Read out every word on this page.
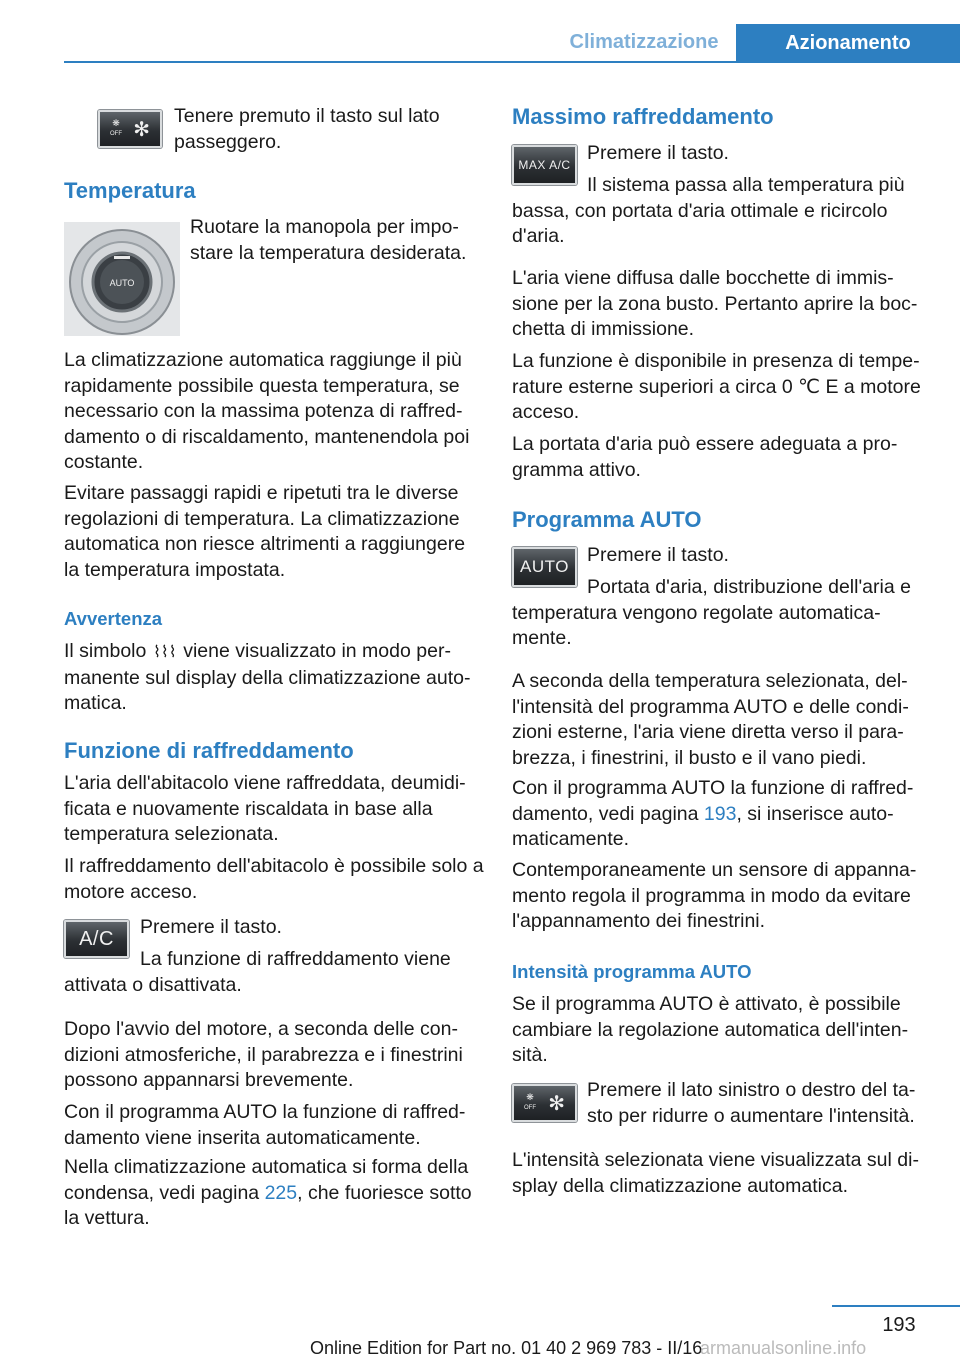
Climatizzazione	Azionamento
❋
OFF ✻

Tenere premuto il tasto sul lato passeggero.

Temperatura
AUTO

Ruotare la manopola per impostare la temperatura desiderata.

La climatizzazione automatica raggiunge il più rapidamente possibile questa temperatura, se necessario con la massima potenza di raffreddamento o di riscaldamento, mantenendola poi costante.

Evitare passaggi rapidi e ripetuti tra le diverse regolazioni di temperatura. La climatizzazione automatica non riesce altrimenti a raggiungere la temperatura impostata.

Avvertenza

Il simbolo ⌇⌇⌇ viene visualizzato in modo permanente sul display della climatizzazione automatica.

Funzione di raffreddamento

L'aria dell'abitacolo viene raffreddata, deumidificata e nuovamente riscaldata in base alla temperatura selezionata.

Il raffreddamento dell'abitacolo è possibile solo a motore acceso.

A/C

Premere il tasto.

La funzione di raffreddamento viene attivata o disattivata.

Dopo l'avvio del motore, a seconda delle condizioni atmosferiche, il parabrezza e i finestrini possono appannarsi brevemente.

Con il programma AUTO la funzione di raffreddamento viene inserita automaticamente.

Nella climatizzazione automatica si forma della condensa, vedi pagina 225, che fuoriesce sotto la vettura.

Massimo raffreddamento
MAX A/C

Premere il tasto.

Il sistema passa alla temperatura più bassa, con portata d'aria ottimale e ricircolo d'aria.

L'aria viene diffusa dalle bocchette di immissione per la zona busto. Pertanto aprire la bocchetta di immissione.

La funzione è disponibile in presenza di temperature esterne superiori a circa 0 ℃ E a motore acceso.

La portata d'aria può essere adeguata a programma attivo.

Programma AUTO
AUTO

Premere il tasto.

Portata d'aria, distribuzione dell'aria e temperatura vengono regolate automaticamente.

A seconda della temperatura selezionata, dell'intensità del programma AUTO e delle condizioni esterne, l'aria viene diretta verso il parabrezza, i finestrini, il busto e il vano piedi.

Con il programma AUTO la funzione di raffreddamento, vedi pagina 193, si inserisce automaticamente.

Contemporaneamente un sensore di appannamento regola il programma in modo da evitare l'appannamento dei finestrini.

Intensità programma AUTO

Se il programma AUTO è attivato, è possibile cambiare la regolazione automatica dell'intensità.

❋
OFF ✻

Premere il lato sinistro o destro del tasto per ridurre o aumentare l'intensità.

L'intensità selezionata viene visualizzata sul display della climatizzazione automatica.

193
Online Edition for Part no. 01 40 2 969 783 - II/16
armanualsonline.info
